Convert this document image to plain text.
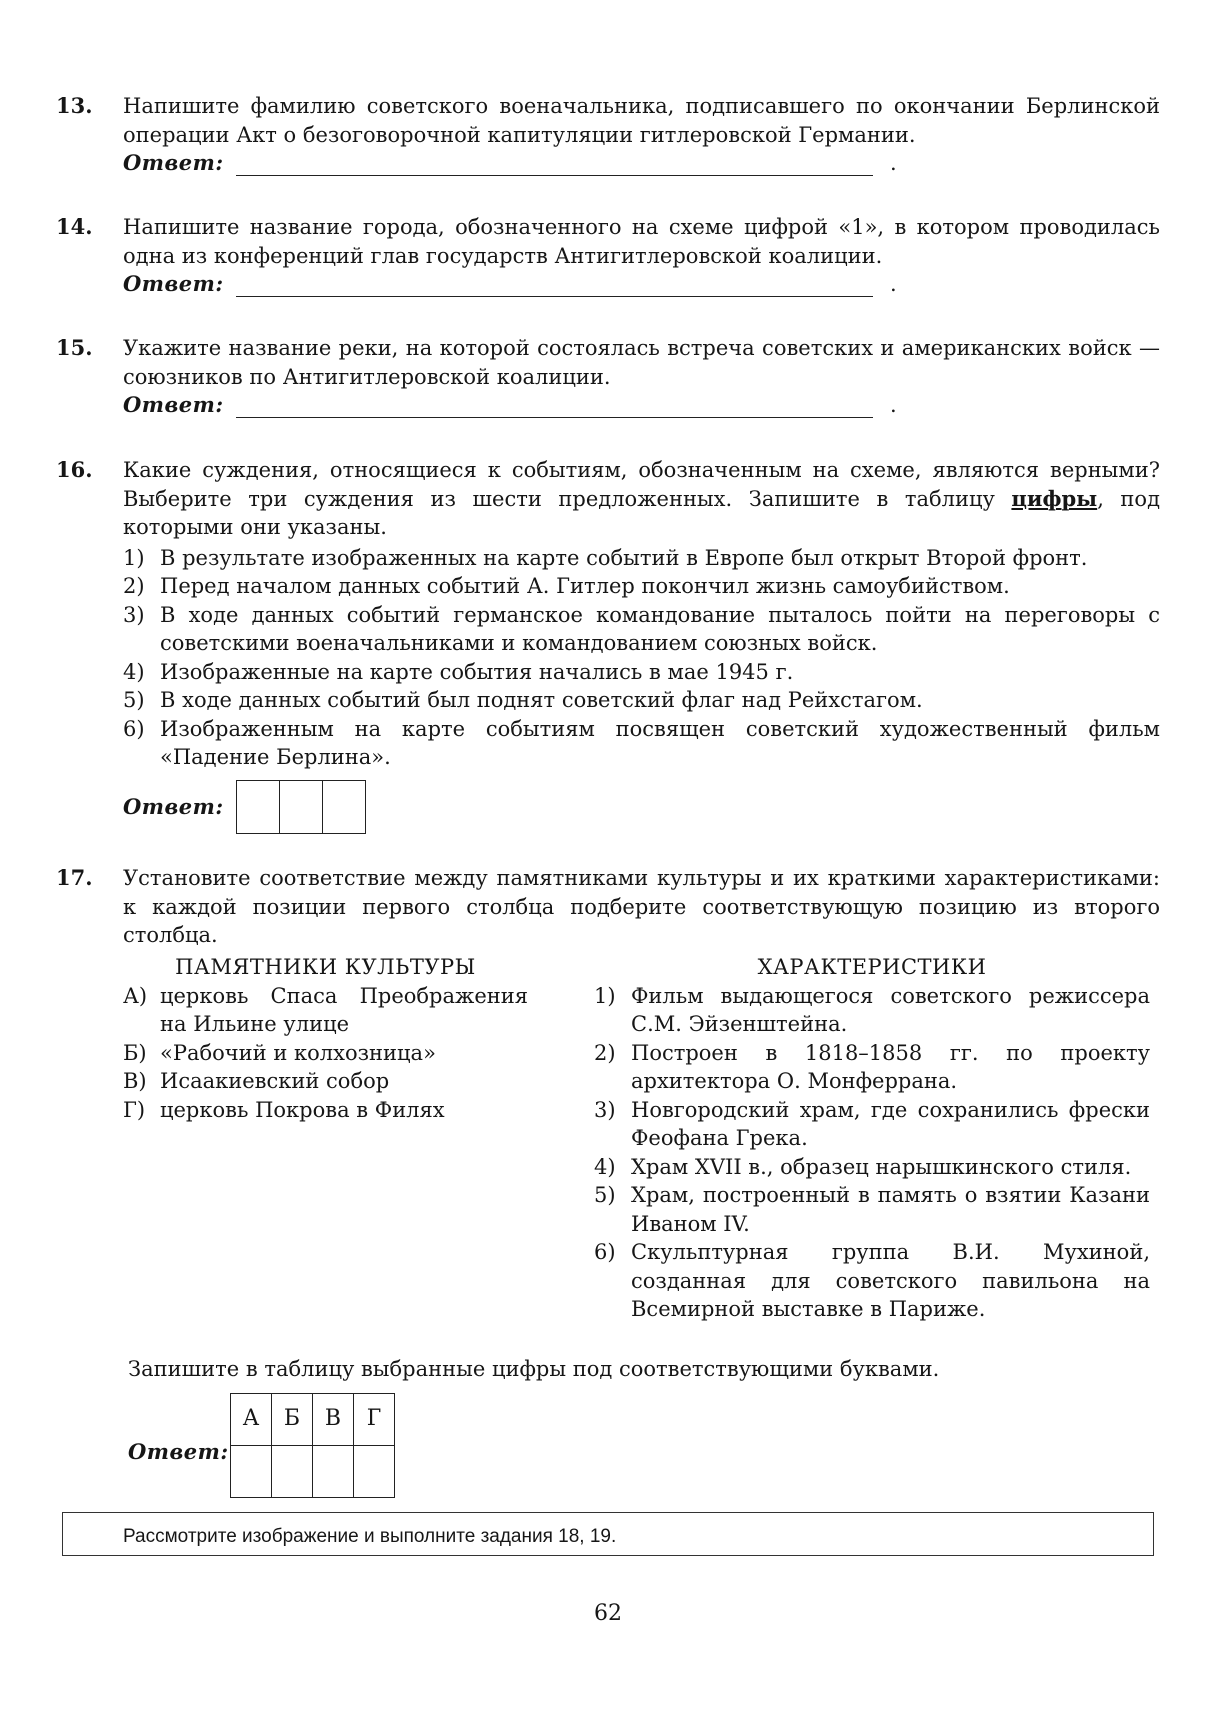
13. Напишите фамилию советского военачальника, подписавшего по окончании Берлинской операции Акт о безоговорочной капитуляции гитлеровской Германии.
Ответ:	.
14. Напишите название города, обозначенного на схеме цифрой «1», в котором проводилась одна из конференций глав государств Антигитлеровской коалиции.
Ответ:	.
15. Укажите название реки, на которой состоялась встреча советских и американских войск — союзников по Антигитлеровской коалиции.
Ответ:	.
16. Какие суждения, относящиеся к событиям, обозначенным на схеме, являются верными? Выберите три суждения из шести предложенных. Запишите в таблицу цифры, под которыми они указаны.
1) В результате изображенных на карте событий в Европе был открыт Второй фронт.
2) Перед началом данных событий А. Гитлер покончил жизнь самоубийством.
3) В ходе данных событий германское командование пыталось пойти на переговоры с советскими военачальниками и командованием союзных войск.
4) Изображенные на карте события начались в мае 1945 г.
5) В ходе данных событий был поднят советский флаг над Рейхстагом.
6) Изображенным на карте событиям посвящен советский художественный фильм «Падение Берлина».
Ответ:
17. Установите соответствие между памятниками культуры и их краткими характеристиками: к каждой позиции первого столбца подберите соответствующую позицию из второго столбца.
ПАМЯТНИКИ КУЛЬТУРЫ
А) церковь Спаса Преображения на Ильине улице
Б) «Рабочий и колхозница»
В) Исаакиевский собор
Г) церковь Покрова в Филях
ХАРАКТЕРИСТИКИ
1) Фильм выдающегося советского режиссера С.М. Эйзенштейна.
2) Построен в 1818–1858 гг. по проекту архитектора О. Монферрана.
3) Новгородский храм, где сохранились фрески Феофана Грека.
4) Храм XVII в., образец нарышкинского стиля.
5) Храм, построенный в память о взятии Казани Иваном IV.
6) Скульптурная группа В.И. Мухиной, созданная для советского павильона на Всемирной выставке в Париже.
Запишите в таблицу выбранные цифры под соответствующими буквами.
Ответ:
А	Б	В	Г

Рассмотрите изображение и выполните задания 18, 19.
62
